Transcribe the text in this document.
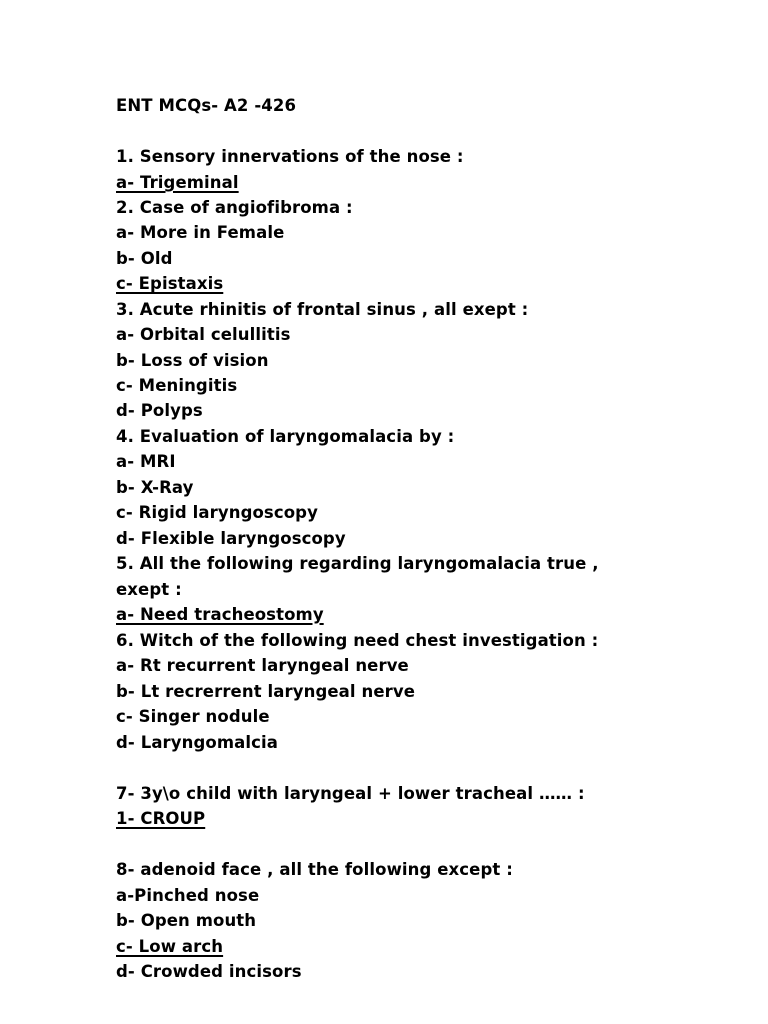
ENT MCQs- A2 -426
1. Sensory innervations of the nose :
a- Trigeminal
2. Case of angiofibroma :
a- More in Female
b- Old
c- Epistaxis
3. Acute rhinitis of frontal sinus , all exept :
a- Orbital celullitis
b- Loss of vision
c- Meningitis
d- Polyps
4. Evaluation of laryngomalacia by :
a- MRI
b- X-Ray
c- Rigid laryngoscopy
d- Flexible laryngoscopy
5. All the following regarding laryngomalacia true ,
exept :
a- Need tracheostomy
6. Witch of the following need chest investigation :
a- Rt recurrent laryngeal nerve
b- Lt recrerrent laryngeal nerve
c- Singer nodule
d- Laryngomalcia
7- 3y\o child with laryngeal + lower tracheal …… :
1- CROUP
8- adenoid face , all the following except :
a-Pinched nose
b- Open mouth
c- Low arch
d- Crowded incisors
